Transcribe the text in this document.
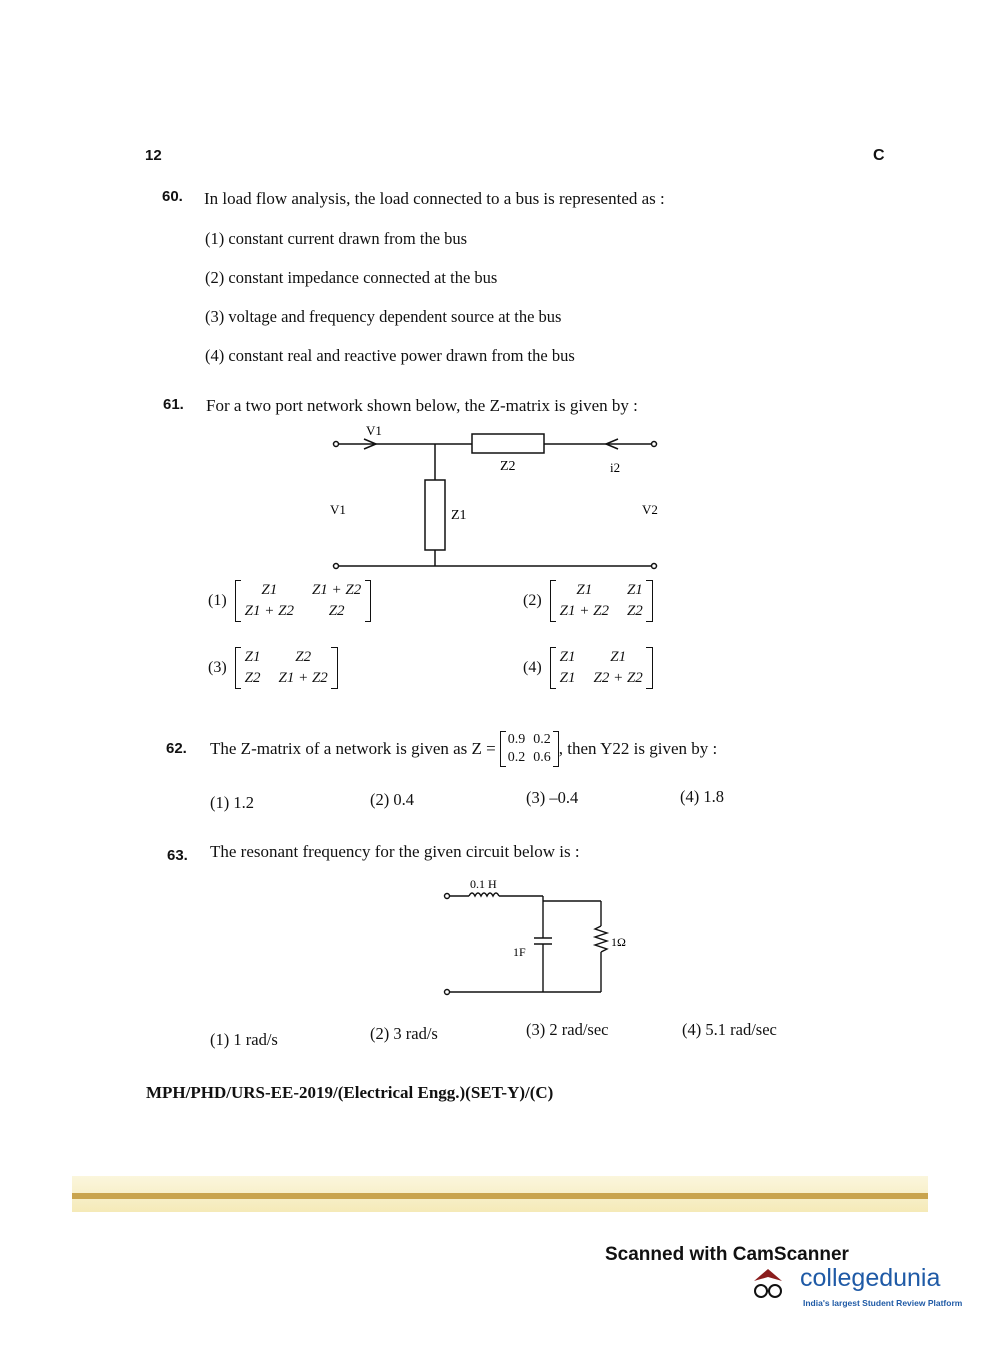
12	C
60. In load flow analysis, the load connected to a bus is represented as :
(1) constant current drawn from the bus
(2) constant impedance connected at the bus
(3) voltage and frequency dependent source at the bus
(4) constant real and reactive power drawn from the bus
61. For a two port network shown below, the Z-matrix is given by :
V1
Z2	i2
V1	Z1	V2
(1)
Z1	Z1 + Z2
Z1 + Z2	Z2

(2)
Z1	Z1
Z1 + Z2	Z2

(3)
Z1	Z2
Z2	Z1 + Z2

(4)
Z1	Z1
Z1	Z2 + Z2

62. The Z-matrix of a network is given as Z = 0.9	0.2
0.2	0.6 , then Y22 is given by :
(1) 1.2	(2) 0.4	(3) –0.4	(4) 1.8
63. The resonant frequency for the given circuit below is :
0.1 H
1F
1Ω
(1) 1 rad/s	(2) 3 rad/s	(3) 2 rad/sec	(4) 5.1 rad/sec
MPH/PHD/URS-EE-2019/(Electrical Engg.)(SET-Y)/(C)
Scanned with CamScanner
collegedunia
India's largest Student Review Platform
